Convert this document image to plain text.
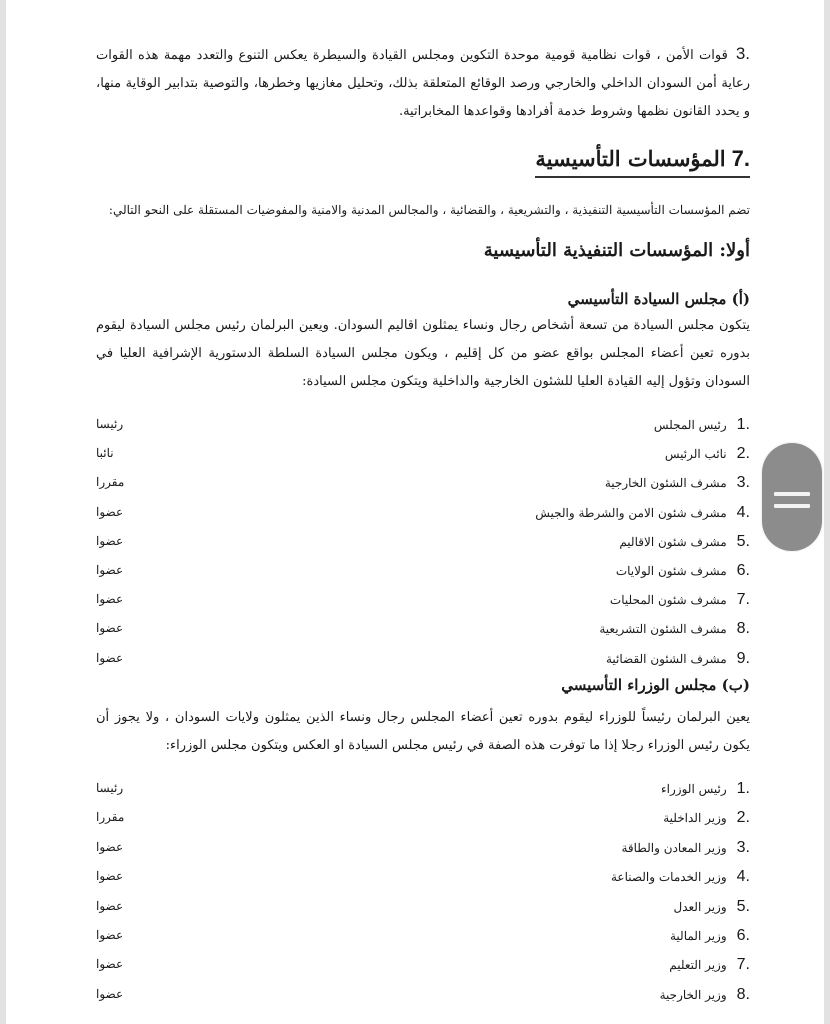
3.قوات الأمن ، قوات نظامية قومية موحدة التكوين ومجلس القيادة والسيطرة يعكس التنوع والتعدد مهمة هذه القوات رعاية أمن السودان الداخلي والخارجي ورصد الوقائع المتعلقة بذلك، وتحليل مغازيها وخطرها، والتوصية بتدابير الوقاية منها، و يحدد القانون نظمها وشروط خدمة أفرادها وقواعدها المخابراتية.

7.المؤسسات التأسيسية

تضم المؤسسات التأسيسية التنفيذية ، والتشريعية ، والقضائية ، والمجالس المدنية والامنية والمفوضيات المستقلة على النحو التالي:

أولا: المؤسسات التنفيذية التأسيسية
(أ) مجلس السيادة التأسيسي

يتكون مجلس السيادة من تسعة أشخاص رجال ونساء يمثلون اقاليم السودان. ويعين البرلمان رئيس مجلس السيادة ليقوم بدوره تعين أعضاء المجلس بواقع عضو من كل إقليم ، ويكون مجلس السيادة السلطة الدستورية الإشرافية العليا في السودان وتؤول إليه القيادة العليا للشئون الخارجية والداخلية ويتكون مجلس السيادة:

1.رئيس المجلس
رئيسا
2.نائب الرئيس
نائبا
3.مشرف الشئون الخارجية
مقررا
4.مشرف شئون الامن والشرطة والجيش
عضوا
5.مشرف شئون الاقاليم
عضوا
6.مشرف شئون الولايات
عضوا
7.مشرف شئون المحليات
عضوا
8.مشرف الشئون التشريعية
عضوا
9.مشرف الشئون القضائية
عضوا
(ب) مجلس الوزراء التأسيسي

يعين البرلمان رئيساً للوزراء ليقوم بدوره تعين أعضاء المجلس رجال ونساء الذين يمثلون ولايات السودان ، ولا يجوز أن يكون رئيس الوزراء رجلا إذا ما توفرت هذه الصفة في رئيس مجلس السيادة او العكس ويتكون مجلس الوزراء:

1.رئيس الوزراء
رئيسا
2.وزير الداخلية
مقررا
3.وزير المعادن والطاقة
عضوا
4.وزير الخدمات والصناعة
عضوا
5.وزير العدل
عضوا
6.وزير المالية
عضوا
7.وزير التعليم
عضوا
8.وزير الخارجية
عضوا
